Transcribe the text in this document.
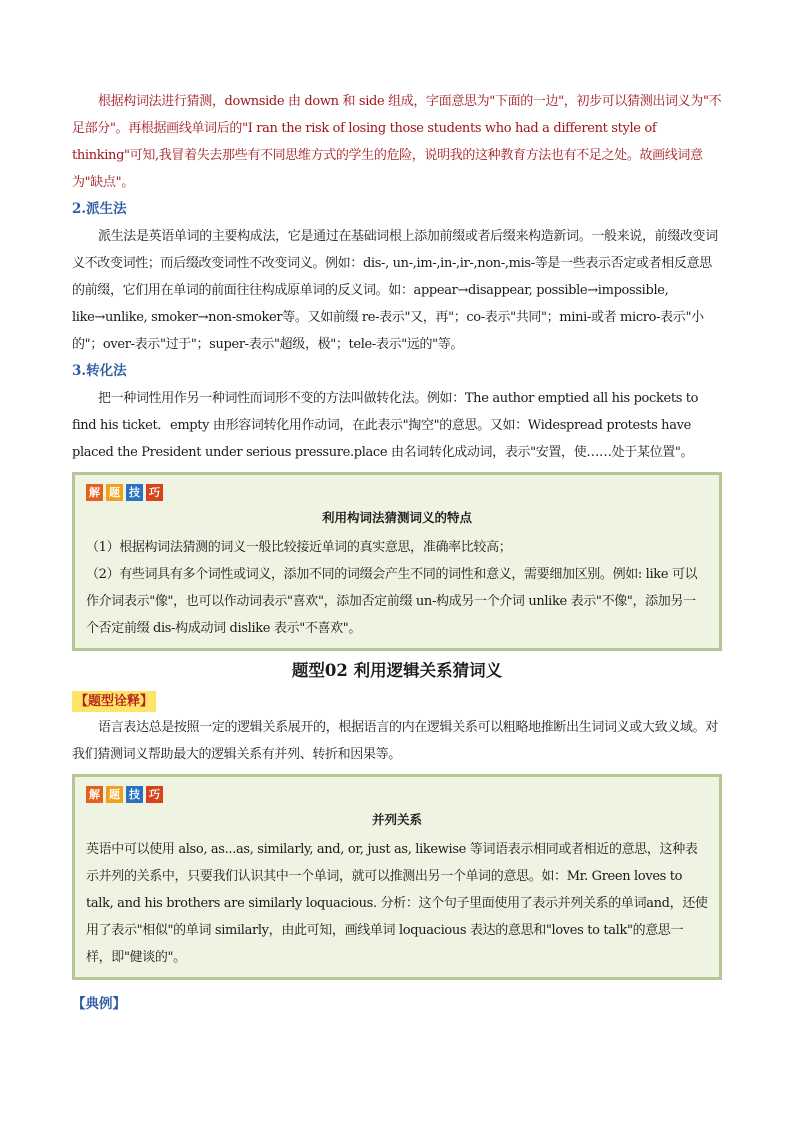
根据构词法进行猜测，downside 由 down 和 side 组成，字面意思为"下面的一边"，初步可以猜测出词义为"不足部分"。再根据画线单词后的"I ran the risk of losing those students who had a different style of thinking"可知,我冒着失去那些有不同思维方式的学生的危险，说明我的这种教育方法也有不足之处。故画线词意为"缺点"。

2.派生法

派生法是英语单词的主要构成法，它是通过在基础词根上添加前缀或者后缀来构造新词。一般来说，前缀改变词义不改变词性；而后缀改变词性不改变词义。例如：dis-, un-,im-,in-,ir-,non-,mis-等是一些表示否定或者相反意思的前缀，它们用在单词的前面往往构成原单词的反义词。如：appear→disappear, possible→impossible, like→unlike, smoker→non-smoker等。又如前缀 re-表示"又，再"；co-表示"共同"；mini-或者 micro-表示"小的"；over-表示"过于"；super-表示"超级，极"；tele-表示"远的"等。

3.转化法

把一种词性用作另一种词性而词形不变的方法叫做转化法。例如：The author emptied all his pockets to find his ticket．empty 由形容词转化用作动词，在此表示"掏空"的意思。又如：Widespread protests have placed the President under serious pressure.place 由名词转化成动词，表示"安置，使……处于某位置"。

解 题 技 巧
利用构词法猜测词义的特点

（1）根据构词法猜测的词义一般比较接近单词的真实意思，准确率比较高；

（2）有些词具有多个词性或词义，添加不同的词缀会产生不同的词性和意义，需要细加区别。例如: like 可以作介词表示"像"，也可以作动词表示"喜欢"，添加否定前缀 un-构成另一个介词 unlike 表示"不像"，添加另一个否定前缀 dis-构成动词 dislike 表示"不喜欢"。

题型02 利用逻辑关系猜词义
【题型诠释】

语言表达总是按照一定的逻辑关系展开的，根据语言的内在逻辑关系可以粗略地推断出生词词义或大致义域。对我们猜测词义帮助最大的逻辑关系有并列、转折和因果等。

解 题 技 巧
并列关系

英语中可以使用 also, as...as, similarly, and, or, just as, likewise 等词语表示相同或者相近的意思，这种表示并列的关系中，只要我们认识其中一个单词，就可以推测出另一个单词的意思。如：Mr. Green loves to talk, and his brothers are similarly loquacious. 分析：这个句子里面使用了表示并列关系的单词and，还使用了表示"相似"的单词 similarly，由此可知，画线单词 loquacious 表达的意思和"loves to talk"的意思一样，即"健谈的"。

【典例】
